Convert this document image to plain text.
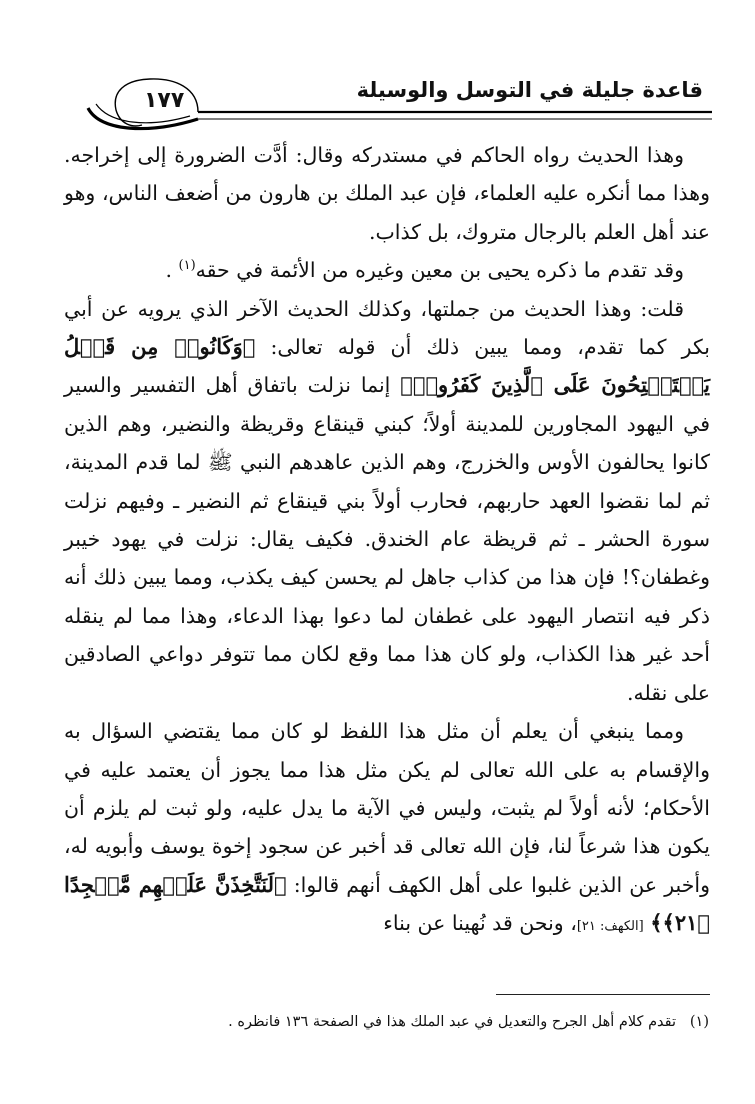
١٧٧	قاعدة جليلة في التوسل والوسيلة

وهذا الحديث رواه الحاكم في مستدركه وقال: أدَّت الضرورة إلى إخراجه. وهذا مما أنكره عليه العلماء، فإن عبد الملك بن هارون من أضعف الناس، وهو عند أهل العلم بالرجال متروك، بل كذاب.

وقد تقدم ما ذكره يحيى بن معين وغيره من الأئمة في حقه$^{(١)}$ .

قلت: وهذا الحديث من جملتها، وكذلك الحديث الآخر الذي يرويه عن أبي بكر كما تقدم، ومما يبين ذلك أن قوله تعالى: ﴿وَكَانُوا۟ مِن قَبۡلُ يَسۡتَفۡتِحُونَ عَلَى ٱلَّذِينَ كَفَرُوا۟﴾ إنما نزلت باتفاق أهل التفسير والسير في اليهود المجاورين للمدينة أولاً؛ كبني قينقاع وقريظة والنضير، وهم الذين كانوا يحالفون الأوس والخزرج، وهم الذين عاهدهم النبي ﷺ لما قدم المدينة، ثم لما نقضوا العهد حاربهم، فحارب أولاً بني قينقاع ثم النضير ـ وفيهم نزلت سورة الحشر ـ ثم قريظة عام الخندق. فكيف يقال: نزلت في يهود خيبر وغطفان؟! فإن هذا من كذاب جاهل لم يحسن كيف يكذب، ومما يبين ذلك أنه ذكر فيه انتصار اليهود على غطفان لما دعوا بهذا الدعاء، وهذا مما لم ينقله أحد غير هذا الكذاب، ولو كان هذا مما وقع لكان مما تتوفر دواعي الصادقين على نقله.

ومما ينبغي أن يعلم أن مثل هذا اللفظ لو كان مما يقتضي السؤال به والإقسام به على الله تعالى لم يكن مثل هذا مما يجوز أن يعتمد عليه في الأحكام؛ لأنه أولاً لم يثبت، وليس في الآية ما يدل عليه، ولو ثبت لم يلزم أن يكون هذا شرعاً لنا، فإن الله تعالى قد أخبر عن سجود إخوة يوسف وأبويه له، وأخبر عن الذين غلبوا على أهل الكهف أنهم قالوا: ﴿لَنَتَّخِذَنَّ عَلَيۡهِم مَّسۡجِدًا ﴿٢١﴾﴾ [الكهف: ٢١]، ونحن قد نُهينا عن بناء

(١)   تقدم كلام أهل الجرح والتعديل في عبد الملك هذا في الصفحة ١٣٦ فانظره .
